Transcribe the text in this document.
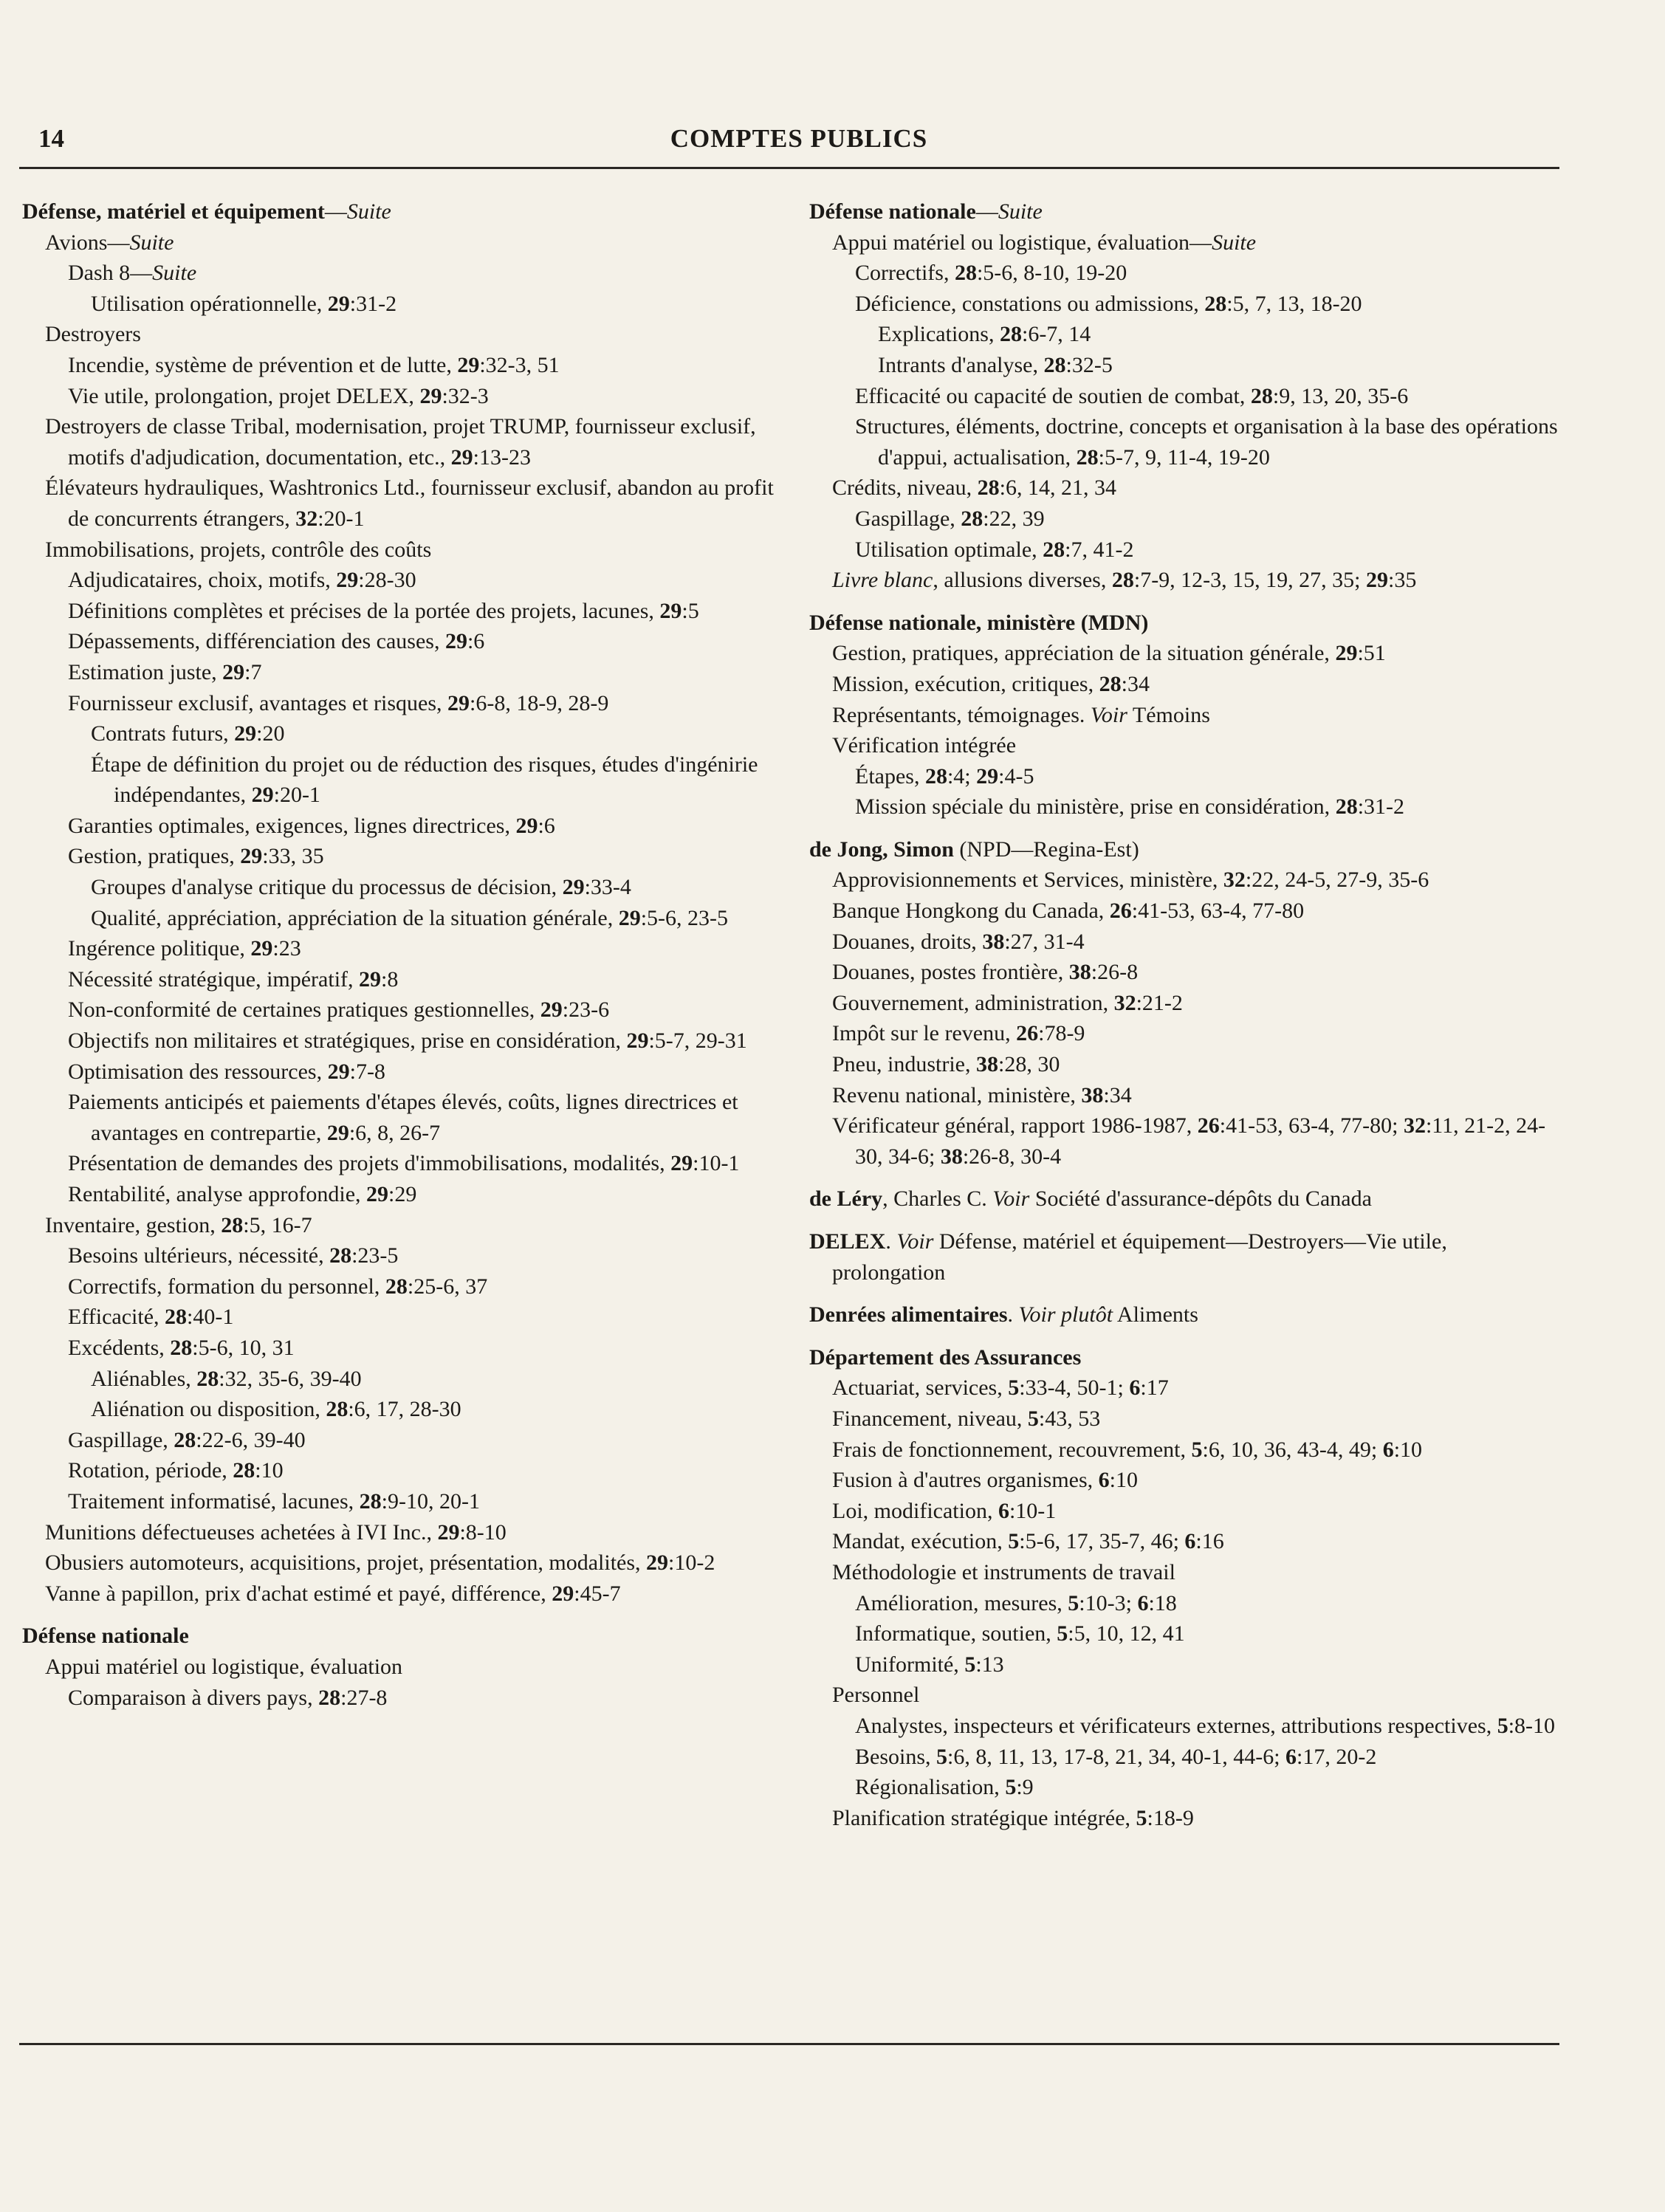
14	COMPTES PUBLICS

Défense, matériel et équipement—Suite

Avions—Suite

Dash 8—Suite

Utilisation opérationnelle, 29:31-2

Destroyers

Incendie, système de prévention et de lutte, 29:32-3, 51

Vie utile, prolongation, projet DELEX, 29:32-3

Destroyers de classe Tribal, modernisation, projet TRUMP, fournisseur exclusif, motifs d'adjudication, documentation, etc., 29:13-23

Élévateurs hydrauliques, Washtronics Ltd., fournisseur exclusif, abandon au profit de concurrents étrangers, 32:20-1

Immobilisations, projets, contrôle des coûts

Adjudicataires, choix, motifs, 29:28-30

Définitions complètes et précises de la portée des projets, lacunes, 29:5

Dépassements, différenciation des causes, 29:6

Estimation juste, 29:7

Fournisseur exclusif, avantages et risques, 29:6-8, 18-9, 28-9

Contrats futurs, 29:20

Étape de définition du projet ou de réduction des risques, études d'ingénirie indépendantes, 29:20-1

Garanties optimales, exigences, lignes directrices, 29:6

Gestion, pratiques, 29:33, 35

Groupes d'analyse critique du processus de décision, 29:33-4

Qualité, appréciation, appréciation de la situation générale, 29:5-6, 23-5

Ingérence politique, 29:23

Nécessité stratégique, impératif, 29:8

Non-conformité de certaines pratiques gestionnelles, 29:23-6

Objectifs non militaires et stratégiques, prise en considération, 29:5-7, 29-31

Optimisation des ressources, 29:7-8

Paiements anticipés et paiements d'étapes élevés, coûts, lignes directrices et avantages en contrepartie, 29:6, 8, 26-7

Présentation de demandes des projets d'immobilisations, modalités, 29:10-1

Rentabilité, analyse approfondie, 29:29

Inventaire, gestion, 28:5, 16-7

Besoins ultérieurs, nécessité, 28:23-5

Correctifs, formation du personnel, 28:25-6, 37

Efficacité, 28:40-1

Excédents, 28:5-6, 10, 31

Aliénables, 28:32, 35-6, 39-40

Aliénation ou disposition, 28:6, 17, 28-30

Gaspillage, 28:22-6, 39-40

Rotation, période, 28:10

Traitement informatisé, lacunes, 28:9-10, 20-1

Munitions défectueuses achetées à IVI Inc., 29:8-10

Obusiers automoteurs, acquisitions, projet, présentation, modalités, 29:10-2

Vanne à papillon, prix d'achat estimé et payé, différence, 29:45-7

Défense nationale

Appui matériel ou logistique, évaluation

Comparaison à divers pays, 28:27-8

Défense nationale—Suite

Appui matériel ou logistique, évaluation—Suite

Correctifs, 28:5-6, 8-10, 19-20

Déficience, constations ou admissions, 28:5, 7, 13, 18-20

Explications, 28:6-7, 14

Intrants d'analyse, 28:32-5

Efficacité ou capacité de soutien de combat, 28:9, 13, 20, 35-6

Structures, éléments, doctrine, concepts et organisation à la base des opérations d'appui, actualisation, 28:5-7, 9, 11-4, 19-20

Crédits, niveau, 28:6, 14, 21, 34

Gaspillage, 28:22, 39

Utilisation optimale, 28:7, 41-2

Livre blanc, allusions diverses, 28:7-9, 12-3, 15, 19, 27, 35; 29:35

Défense nationale, ministère (MDN)

Gestion, pratiques, appréciation de la situation générale, 29:51

Mission, exécution, critiques, 28:34

Représentants, témoignages. Voir Témoins

Vérification intégrée

Étapes, 28:4; 29:4-5

Mission spéciale du ministère, prise en considération, 28:31-2

de Jong, Simon (NPD—Regina-Est)

Approvisionnements et Services, ministère, 32:22, 24-5, 27-9, 35-6

Banque Hongkong du Canada, 26:41-53, 63-4, 77-80

Douanes, droits, 38:27, 31-4

Douanes, postes frontière, 38:26-8

Gouvernement, administration, 32:21-2

Impôt sur le revenu, 26:78-9

Pneu, industrie, 38:28, 30

Revenu national, ministère, 38:34

Vérificateur général, rapport 1986-1987, 26:41-53, 63-4, 77-80; 32:11, 21-2, 24-30, 34-6; 38:26-8, 30-4

de Léry, Charles C. Voir Société d'assurance-dépôts du Canada

DELEX. Voir Défense, matériel et équipement—Destroyers—Vie utile, prolongation

Denrées alimentaires. Voir plutôt Aliments

Département des Assurances

Actuariat, services, 5:33-4, 50-1; 6:17

Financement, niveau, 5:43, 53

Frais de fonctionnement, recouvrement, 5:6, 10, 36, 43-4, 49; 6:10

Fusion à d'autres organismes, 6:10

Loi, modification, 6:10-1

Mandat, exécution, 5:5-6, 17, 35-7, 46; 6:16

Méthodologie et instruments de travail

Amélioration, mesures, 5:10-3; 6:18

Informatique, soutien, 5:5, 10, 12, 41

Uniformité, 5:13

Personnel

Analystes, inspecteurs et vérificateurs externes, attributions respectives, 5:8-10

Besoins, 5:6, 8, 11, 13, 17-8, 21, 34, 40-1, 44-6; 6:17, 20-2

Régionalisation, 5:9

Planification stratégique intégrée, 5:18-9
